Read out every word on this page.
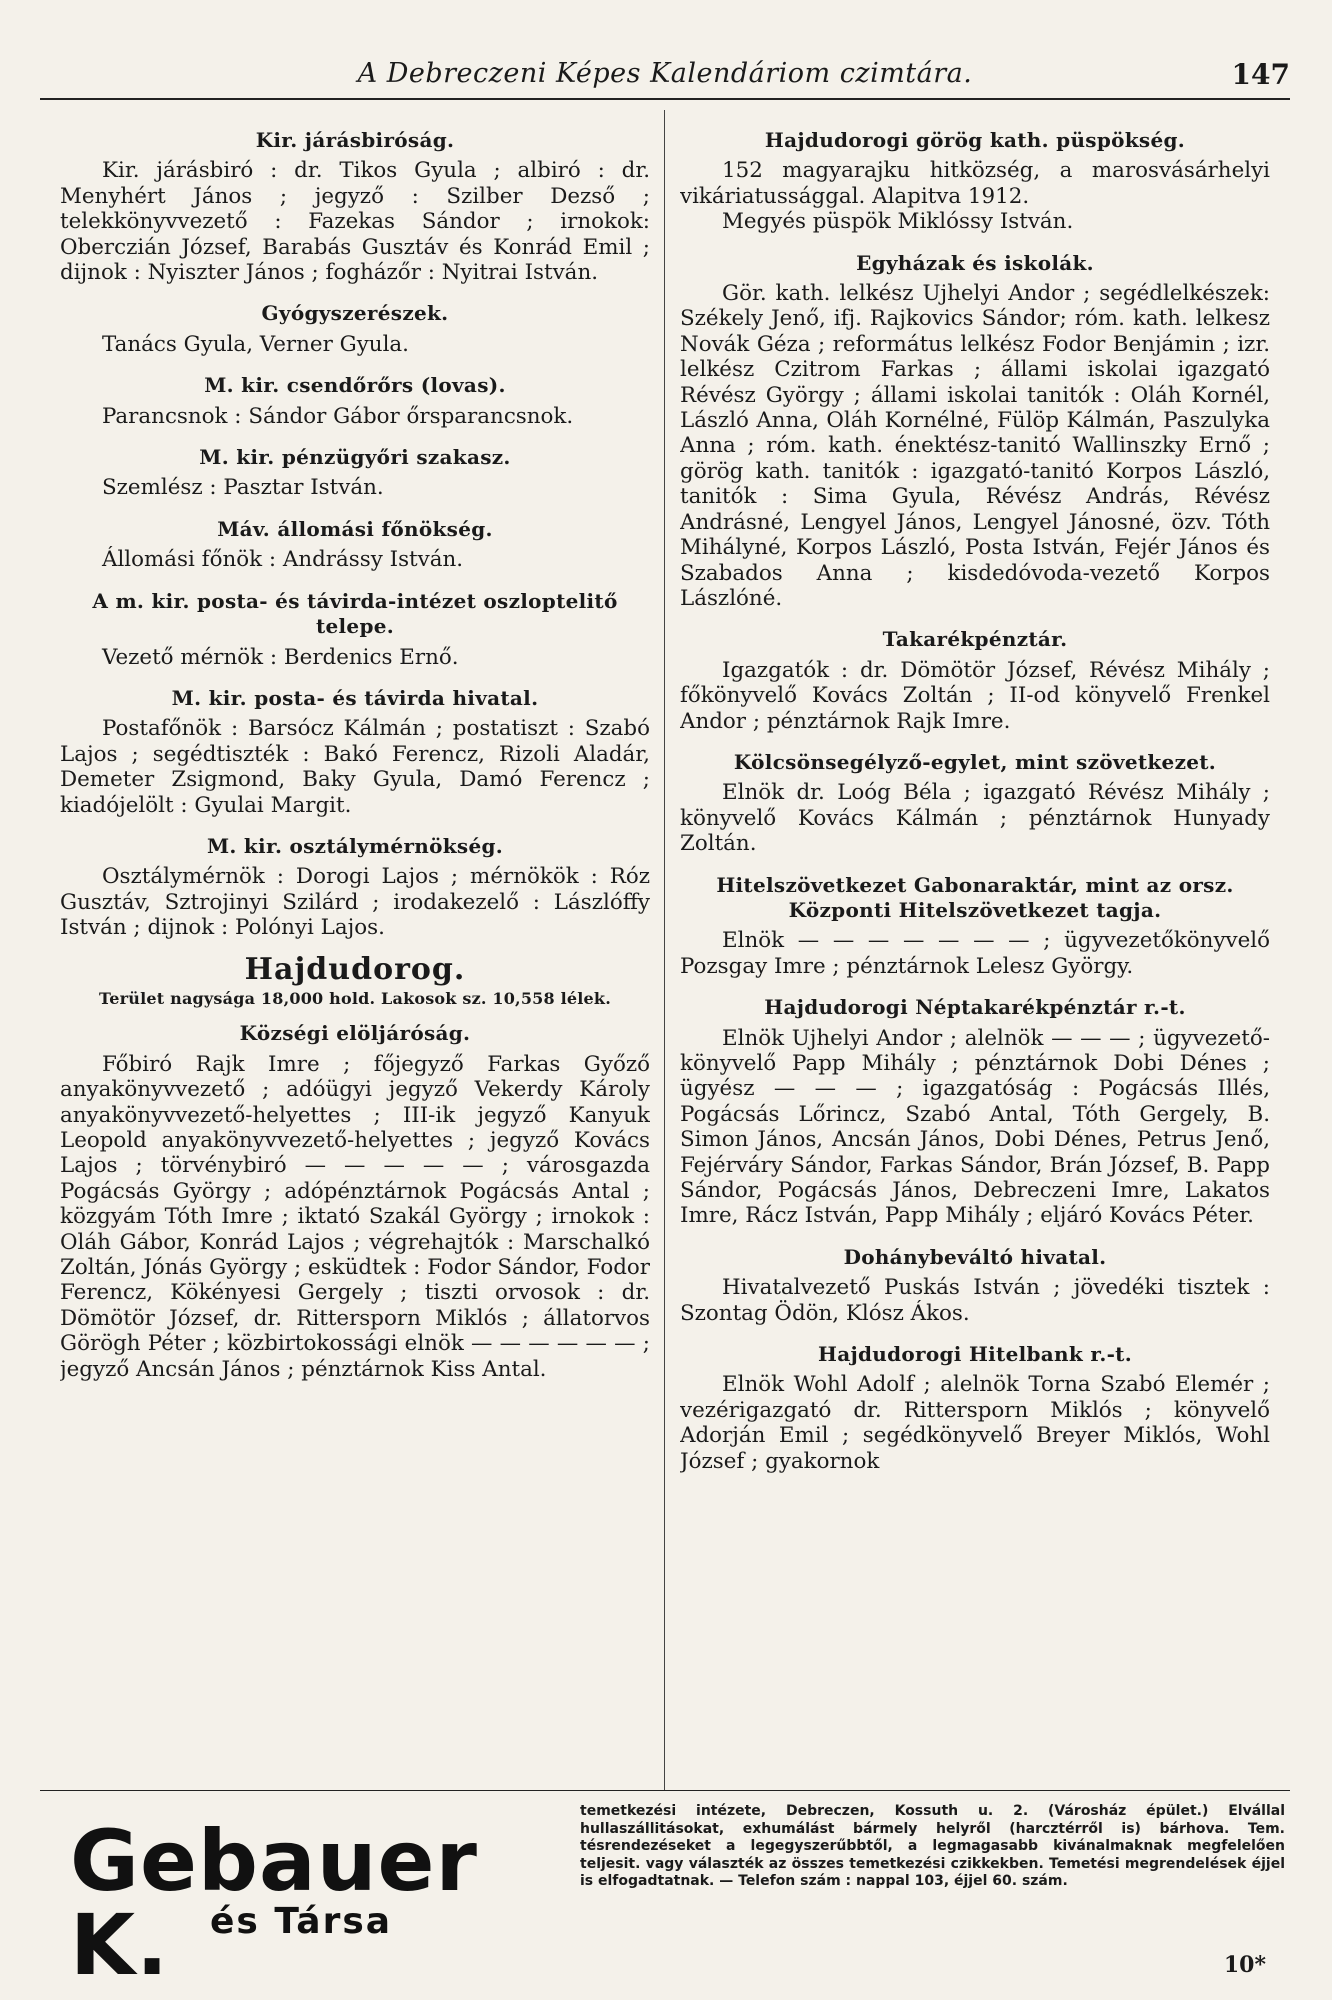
A Debreczeni Képes Kalendáriom czimtára.	147
Kir. járásbiróság.

Kir. járásbiró : dr. Tikos Gyula ; albiró : dr. Menyhért János ; jegyző : Szilber Dezső ; telekkönyvvezető : Fazekas Sándor ; irnokok: Oberczián József, Barabás Gusztáv és Konrád Emil ; dijnok : Nyiszter János ; fogházőr : Nyitrai István.

Gyógyszerészek.

Tanács Gyula, Verner Gyula.

M. kir. csendőrőrs (lovas).

Parancsnok : Sándor Gábor őrsparancsnok.

M. kir. pénzügyőri szakasz.

Szemlész : Pasztar István.

Máv. állomási főnökség.

Állomási főnök : Andrássy István.

A m. kir. posta- és távirda-intézet oszloptelitő telepe.

Vezető mérnök : Berdenics Ernő.

M. kir. posta- és távirda hivatal.

Postafőnök : Barsócz Kálmán ; postatiszt : Szabó Lajos ; segédtiszték : Bakó Ferencz, Rizoli Aladár, Demeter Zsigmond, Baky Gyula, Damó Ferencz ; kiadójelölt : Gyulai Margit.

M. kir. osztálymérnökség.

Osztálymérnök : Dorogi Lajos ; mérnökök : Róz Gusztáv, Sztrojinyi Szilárd ; irodakezelő : Lászlóffy István ; dijnok : Polónyi Lajos.

Hajdudorog.
Terület nagysága 18,000 hold. Lakosok sz. 10,558 lélek.
Községi elöljáróság.

Főbiró Rajk Imre ; főjegyző Farkas Győző anyakönyvvezető ; adóügyi jegyző Vekerdy Károly anyakönyvvezető-helyettes ; III-ik jegyző Kanyuk Leopold anyakönyvvezető-helyettes ; jegyző Kovács Lajos ; törvénybiró — — — — — ; városgazda Pogácsás György ; adópénztárnok Pogácsás Antal ; közgyám Tóth Imre ; iktató Szakál György ; irnokok : Oláh Gábor, Konrád Lajos ; végrehajtók : Marschalkó Zoltán, Jónás György ; esküdtek : Fodor Sándor, Fodor Ferencz, Kökényesi Gergely ; tiszti orvosok : dr. Dömötör József, dr. Rittersporn Miklós ; állatorvos Görögh Péter ; közbirtokossági elnök — — — — — — ; jegyző Ancsán János ; pénztárnok Kiss Antal.

Hajdudorogi görög kath. püspökség.

152 magyarajku hitközség, a marosvásárhelyi vikáriatussággal. Alapitva 1912.

Megyés püspök Miklóssy István.

Egyházak és iskolák.

Gör. kath. lelkész Ujhelyi Andor ; segédlelkészek: Székely Jenő, ifj. Rajkovics Sándor; róm. kath. lelkesz Novák Géza ; református lelkész Fodor Benjámin ; izr. lelkész Czitrom Farkas ; állami iskolai igazgató Révész György ; állami iskolai tanitók : Oláh Kornél, László Anna, Oláh Kornélné, Fülöp Kálmán, Paszulyka Anna ; róm. kath. énektész-tanitó Wallinszky Ernő ; görög kath. tanitók : igazgató-tanitó Korpos László, tanitók : Sima Gyula, Révész András, Révész Andrásné, Lengyel János, Lengyel Jánosné, özv. Tóth Mihályné, Korpos László, Posta István, Fejér János és Szabados Anna ; kisdedóvoda-vezető Korpos Lászlóné.

Takarékpénztár.

Igazgatók : dr. Dömötör József, Révész Mihály ; főkönyvelő Kovács Zoltán ; II-od könyvelő Frenkel Andor ; pénztárnok Rajk Imre.

Kölcsönsegélyző-egylet, mint szövetkezet.

Elnök dr. Loóg Béla ; igazgató Révész Mihály ; könyvelő Kovács Kálmán ; pénztárnok Hunyady Zoltán.

Hitelszövetkezet Gabonaraktár, mint az orsz. Központi Hitelszövetkezet tagja.

Elnök — — — — — — — ; ügyvezetőkönyvelő Pozsgay Imre ; pénztárnok Lelesz György.

Hajdudorogi Néptakarékpénztár r.-t.

Elnök Ujhelyi Andor ; alelnök — — — ; ügyvezető-könyvelő Papp Mihály ; pénztárnok Dobi Dénes ; ügyész — — — ; igazgatóság : Pogácsás Illés, Pogácsás Lőrincz, Szabó Antal, Tóth Gergely, B. Simon János, Ancsán János, Dobi Dénes, Petrus Jenő, Fejérváry Sándor, Farkas Sándor, Brán József, B. Papp Sándor, Pogácsás János, Debreczeni Imre, Lakatos Imre, Rácz István, Papp Mihály ; eljáró Kovács Péter.

Dohánybeváltó hivatal.

Hivatalvezető Puskás István ; jövedéki tisztek : Szontag Ödön, Klósz Ákos.

Hajdudorogi Hitelbank r.-t.

Elnök Wohl Adolf ; alelnök Torna Szabó Elemér ; vezérigazgató dr. Rittersporn Miklós ; könyvelő Adorján Emil ; segédkönyvelő Breyer Miklós, Wohl József ; gyakornok

Gebauer K.	és Társa
temetkezési intézete, Debreczen, Kossuth u. 2. (Városház épület.) Elvállal hullaszállitásokat, exhumálást bármely helyről (harcztérről is) bárhova. Tem. tésrendezéseket a legegyszerűbbtől, a legmagasabb kivánalmaknak megfelelően teljesit. vagy választék az összes temetkezési czikkekben. Temetési megrendelések éjjel is elfogadtatnak. — Telefon szám : nappal 103, éjjel 60. szám.
10*
